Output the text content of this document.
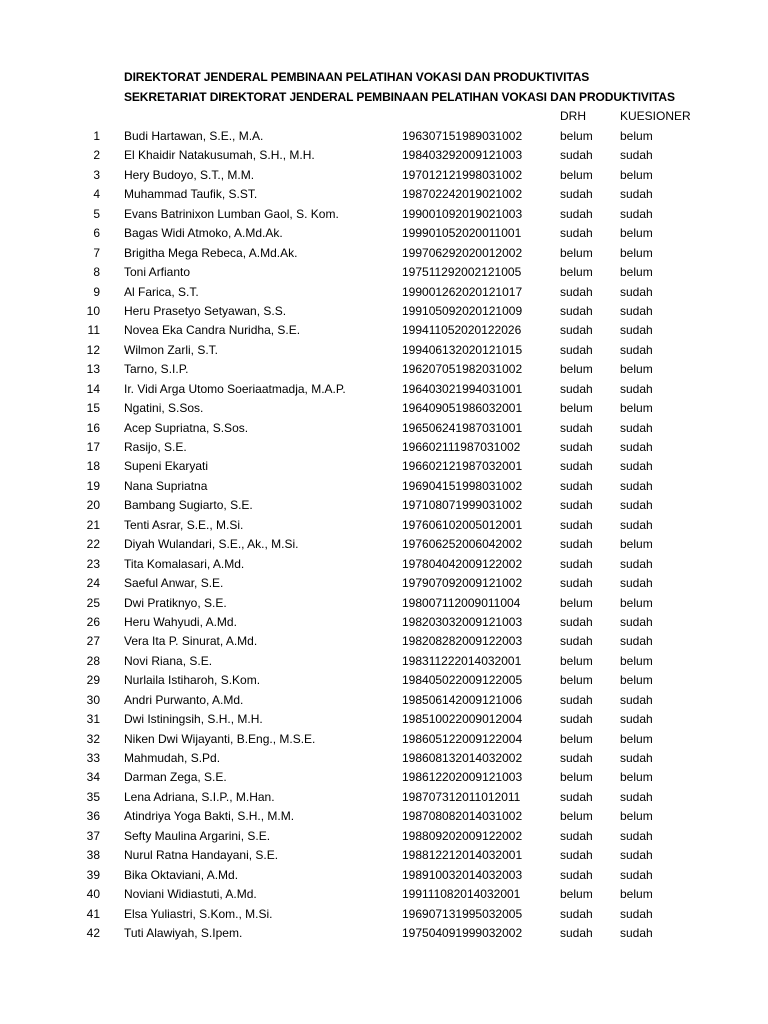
DIREKTORAT JENDERAL PEMBINAAN PELATIHAN VOKASI DAN PRODUKTIVITAS
SEKRETARIAT DIREKTORAT JENDERAL PEMBINAAN PELATIHAN VOKASI DAN PRODUKTIVITAS
DRH	KUESIONER
1 Budi Hartawan, S.E., M.A.	196307151989031002	belum belum
2 El Khaidir Natakusumah, S.H., M.H.	198403292009121003	sudah sudah
3 Hery Budoyo, S.T., M.M.	197012121998031002	belum belum
4 Muhammad Taufik, S.ST.	198702242019021002	sudah sudah
5 Evans Batrinixon Lumban Gaol, S. Kom.	199001092019021003	sudah sudah
6 Bagas Widi Atmoko, A.Md.Ak.	199901052020011001	sudah belum
7 Brigitha Mega Rebeca, A.Md.Ak.	199706292020012002	belum belum
8 Toni Arfianto	197511292002121005	belum belum
9 Al Farica, S.T.	199001262020121017	sudah sudah
10 Heru Prasetyo Setyawan, S.S.	199105092020121009	sudah sudah
11 Novea Eka Candra Nuridha, S.E.	199411052020122026	sudah sudah
12 Wilmon Zarli, S.T.	199406132020121015	sudah sudah
13 Tarno, S.I.P.	196207051982031002	belum belum
14 Ir. Vidi Arga Utomo Soeriaatmadja, M.A.P.	196403021994031001	sudah sudah
15 Ngatini, S.Sos.	196409051986032001	belum belum
16 Acep Supriatna, S.Sos.	196506241987031001	sudah sudah
17 Rasijo, S.E.	196602111987031002	sudah sudah
18 Supeni Ekaryati	196602121987032001	sudah sudah
19 Nana Supriatna	196904151998031002	sudah sudah
20 Bambang Sugiarto, S.E.	197108071999031002	sudah sudah
21 Tenti Asrar, S.E., M.Si.	197606102005012001	sudah sudah
22 Diyah Wulandari, S.E., Ak., M.Si.	197606252006042002	sudah belum
23 Tita Komalasari, A.Md.	197804042009122002	sudah sudah
24 Saeful Anwar, S.E.	197907092009121002	sudah sudah
25 Dwi Pratiknyo, S.E.	198007112009011004	belum belum
26 Heru Wahyudi, A.Md.	198203032009121003	sudah sudah
27 Vera Ita P. Sinurat, A.Md.	198208282009122003	sudah sudah
28 Novi Riana, S.E.	198311222014032001	belum belum
29 Nurlaila Istiharoh, S.Kom.	198405022009122005	belum belum
30 Andri Purwanto, A.Md.	198506142009121006	sudah sudah
31 Dwi Istiningsih, S.H., M.H.	198510022009012004	sudah sudah
32 Niken Dwi Wijayanti, B.Eng., M.S.E.	198605122009122004	belum belum
33 Mahmudah, S.Pd.	198608132014032002	sudah sudah
34 Darman Zega, S.E.	198612202009121003	belum belum
35 Lena Adriana, S.I.P., M.Han.	198707312011012011	sudah sudah
36 Atindriya Yoga Bakti, S.H., M.M.	198708082014031002	belum belum
37 Sefty Maulina Argarini, S.E.	198809202009122002	sudah sudah
38 Nurul Ratna Handayani, S.E.	198812212014032001	sudah sudah
39 Bika Oktaviani, A.Md.	198910032014032003	sudah sudah
40 Noviani Widiastuti, A.Md.	199111082014032001	belum belum
41 Elsa Yuliastri, S.Kom., M.Si.	196907131995032005	sudah sudah
42 Tuti Alawiyah, S.Ipem.	197504091999032002	sudah sudah
